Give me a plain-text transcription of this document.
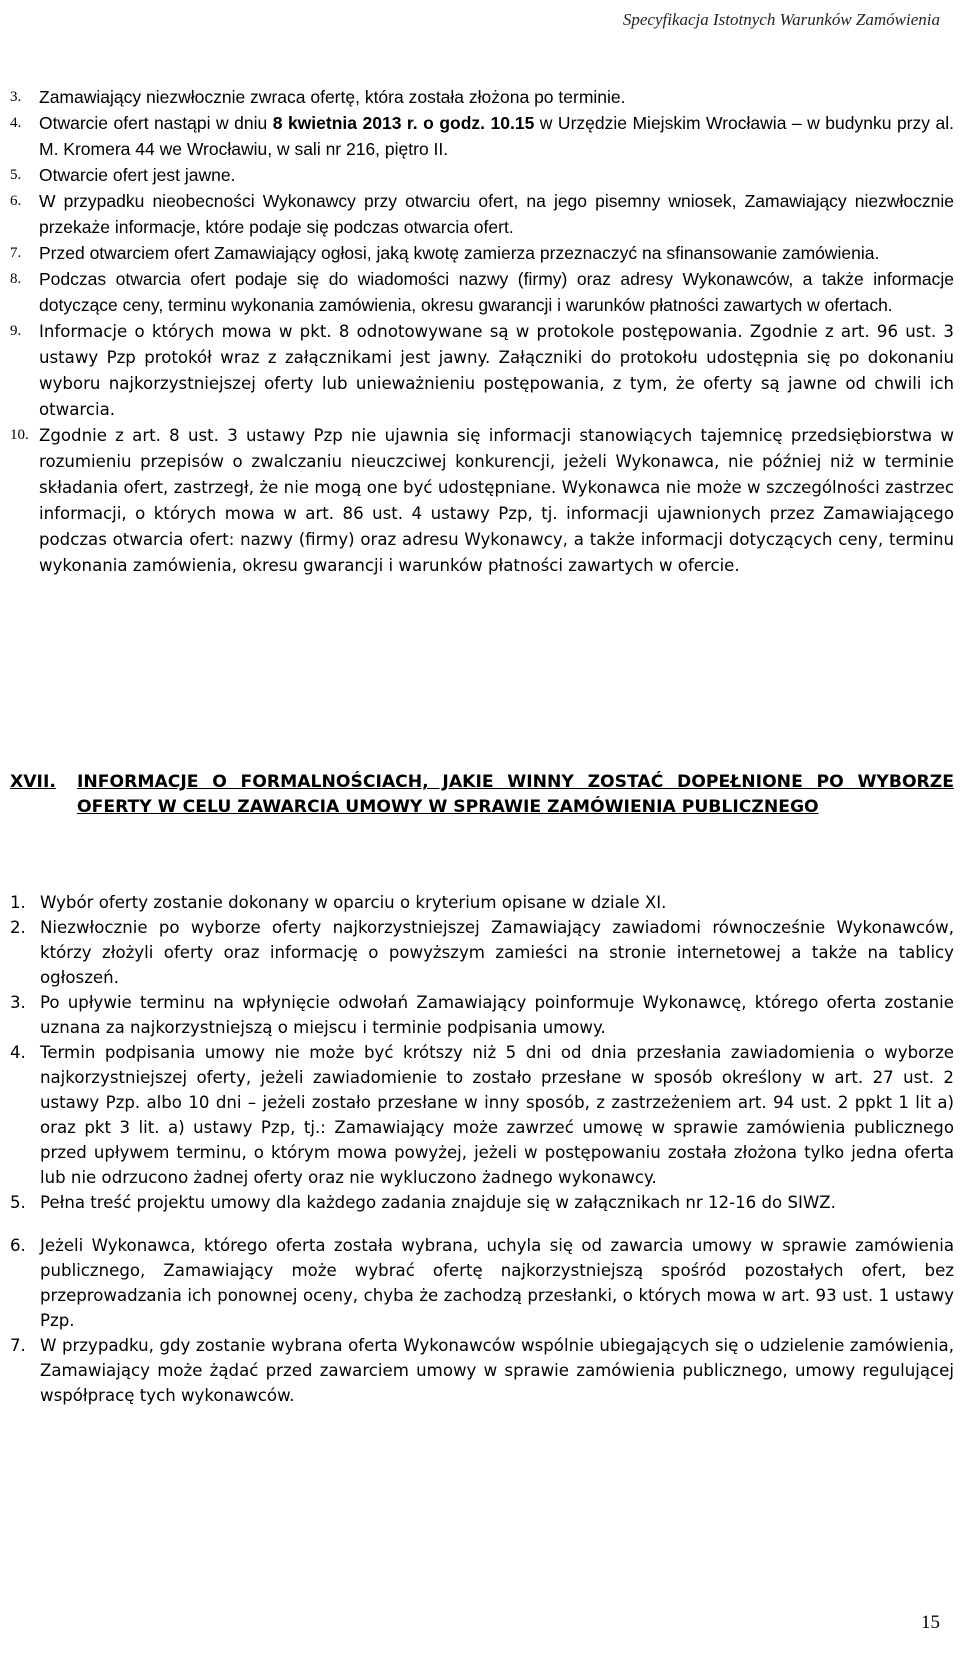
Specyfikacja Istotnych Warunków Zamówienia
3. Zamawiający niezwłocznie zwraca ofertę, która została złożona po terminie.
4. Otwarcie ofert nastąpi w dniu 8 kwietnia 2013 r. o godz. 10.15 w Urzędzie Miejskim Wrocławia – w budynku przy al. M. Kromera 44 we Wrocławiu, w sali nr 216, piętro II.
5. Otwarcie ofert jest jawne.
6. W przypadku nieobecności Wykonawcy przy otwarciu ofert, na jego pisemny wniosek, Zamawiający niezwłocznie przekaże informacje, które podaje się podczas otwarcia ofert.
7. Przed otwarciem ofert Zamawiający ogłosi, jaką kwotę zamierza przeznaczyć na sfinansowanie zamówienia.
8. Podczas otwarcia ofert podaje się do wiadomości nazwy (firmy) oraz adresy Wykonawców, a także informacje dotyczące ceny, terminu wykonania zamówienia, okresu gwarancji i warunków płatności zawartych w ofertach.
9. Informacje o których mowa w pkt. 8 odnotowywane są w protokole postępowania. Zgodnie z art. 96 ust. 3 ustawy Pzp protokół wraz z załącznikami jest jawny. Załączniki do protokołu udostępnia się po dokonaniu wyboru najkorzystniejszej oferty lub unieważnieniu postępowania, z tym, że oferty są jawne od chwili ich otwarcia.
10. Zgodnie z art. 8 ust. 3 ustawy Pzp nie ujawnia się informacji stanowiących tajemnicę przedsiębiorstwa w rozumieniu przepisów o zwalczaniu nieuczciwej konkurencji, jeżeli Wykonawca, nie później niż w terminie składania ofert, zastrzegł, że nie mogą one być udostępniane. Wykonawca nie może w szczególności zastrzec informacji, o których mowa w art. 86 ust. 4 ustawy Pzp, tj. informacji ujawnionych przez Zamawiającego podczas otwarcia ofert: nazwy (firmy) oraz adresu Wykonawcy, a także informacji dotyczących ceny, terminu wykonania zamówienia, okresu gwarancji i warunków płatności zawartych w ofercie.
XVII.	INFORMACJE O FORMALNOŚCIACH, JAKIE WINNY ZOSTAĆ DOPEŁNIONE PO WYBORZE OFERTY W CELU ZAWARCIA UMOWY W SPRAWIE ZAMÓWIENIA PUBLICZNEGO
1. Wybór oferty zostanie dokonany w oparciu o kryterium opisane w dziale XI.
2. Niezwłocznie po wyborze oferty najkorzystniejszej Zamawiający zawiadomi równocześnie Wykonawców, którzy złożyli oferty oraz informację o powyższym zamieści na stronie internetowej a także na tablicy ogłoszeń.
3. Po upływie terminu na wpłynięcie odwołań Zamawiający poinformuje Wykonawcę, którego oferta zostanie uznana za najkorzystniejszą o miejscu i terminie podpisania umowy.
4. Termin podpisania umowy nie może być krótszy niż 5 dni od dnia przesłania zawiadomienia o wyborze najkorzystniejszej oferty, jeżeli zawiadomienie to zostało przesłane w sposób określony w art. 27 ust. 2 ustawy Pzp. albo 10 dni – jeżeli zostało przesłane w inny sposób, z zastrzeżeniem art. 94 ust. 2 ppkt 1 lit a) oraz pkt 3 lit. a) ustawy Pzp, tj.: Zamawiający może zawrzeć umowę w sprawie zamówienia publicznego przed upływem terminu, o którym mowa powyżej, jeżeli w postępowaniu została złożona tylko jedna oferta lub nie odrzucono żadnej oferty oraz nie wykluczono żadnego wykonawcy.
5. Pełna treść projektu umowy dla każdego zadania znajduje się w załącznikach nr 12-16 do SIWZ.
6. Jeżeli Wykonawca, którego oferta została wybrana, uchyla się od zawarcia umowy w sprawie zamówienia publicznego, Zamawiający może wybrać ofertę najkorzystniejszą spośród pozostałych ofert, bez przeprowadzania ich ponownej oceny, chyba że zachodzą przesłanki, o których mowa w art. 93 ust. 1 ustawy Pzp.
7. W przypadku, gdy zostanie wybrana oferta Wykonawców wspólnie ubiegających się o udzielenie zamówienia, Zamawiający może żądać przed zawarciem umowy w sprawie zamówienia publicznego, umowy regulującej współpracę tych wykonawców.
15
